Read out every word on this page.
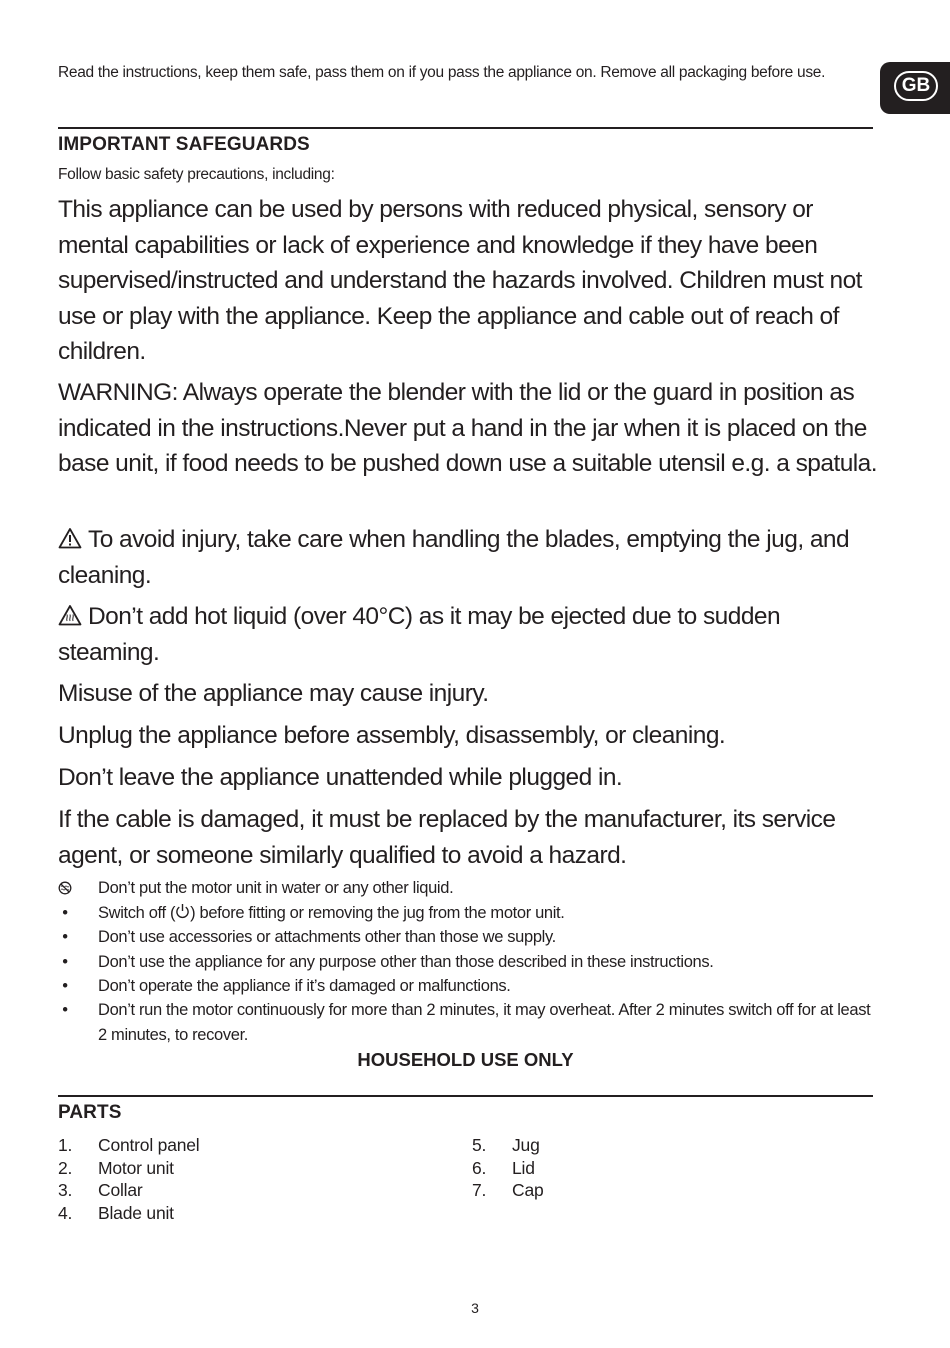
GB
Read the instructions, keep them safe, pass them on if you pass the appliance on. Remove all packaging before use.
IMPORTANT SAFEGUARDS
Follow basic safety precautions, including:
This appliance can be used by persons with reduced physical, sensory or mental capabilities or lack of experience and knowledge if they have been supervised/instructed and understand the hazards involved. Children must not use or play with the appliance. Keep the appliance and cable out of reach of children.
WARNING: Always operate the blender with the lid or the guard in position as indicated in the instructions.Never put a hand in the jar when it is placed on the base unit, if food needs to be pushed down use a suitable utensil e.g. a spatula.
To avoid injury, take care when handling the blades, emptying the jug, and cleaning.
Don’t add hot liquid (over 40°C) as it may be ejected due to sudden steaming.
Misuse of the appliance may cause injury.
Unplug the appliance before assembly, disassembly, or cleaning.
Don’t leave the appliance unattended while plugged in.
If the cable is damaged, it must be replaced by the manufacturer, its service agent, or someone similarly qualified to avoid a hazard.
Don’t put the motor unit in water or any other liquid.
• Switch off ( ) before fitting or removing the jug from the motor unit.
• Don’t use accessories or attachments other than those we supply.
• Don’t use the appliance for any purpose other than those described in these instructions.
• Don’t operate the appliance if it’s damaged or malfunctions.
• Don’t run the motor continuously for more than 2 minutes, it may overheat. After 2 minutes switch off for at least 2 minutes, to recover.
HOUSEHOLD USE ONLY
PARTS
1. Control panel
2. Motor unit
3. Collar
4. Blade unit
5. Jug
6. Lid
7. Cap
3
